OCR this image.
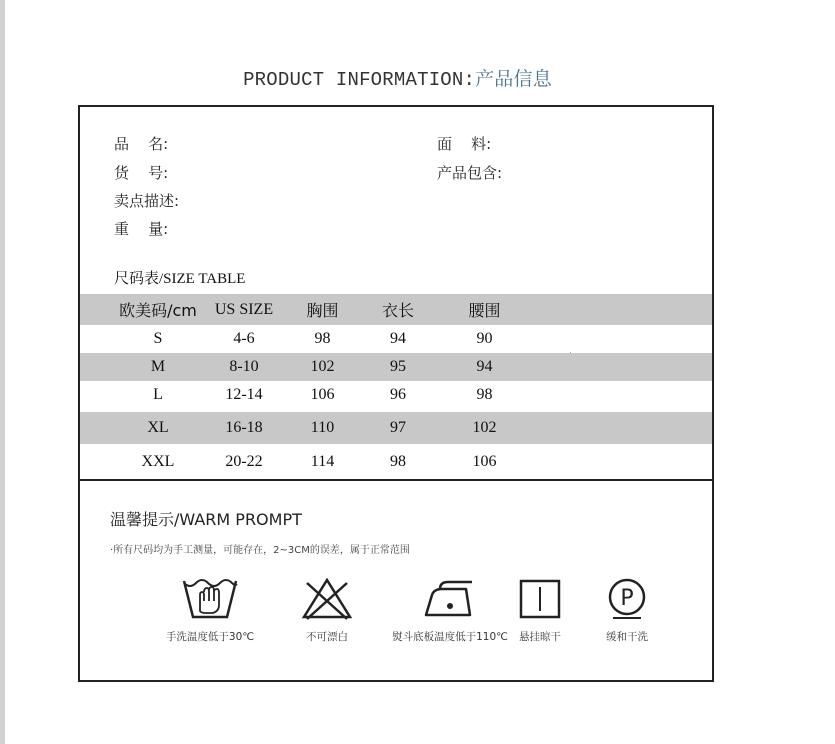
PRODUCT INFORMATION:产品信息
品    名:
货    号:
卖点描述:
重    量:
面    料:
产品包含:
尺码表/SIZE TABLE
欧美码/cm	US SIZE	胸围	衣长	腰围
S	4-6	98	94	90
M	8-10	102	95	94
L	12-14	106	96	98
XL	16-18	110	97	102
XXL	20-22	114	98	106
温馨提示/WARM PROMPT
·所有尺码均为手工测量，可能存在，2~3CM的误差，属于正常范围
手洗温度低于30℃	不可漂白	熨斗底板温度低于110℃	悬挂晾干
P
缓和干洗
